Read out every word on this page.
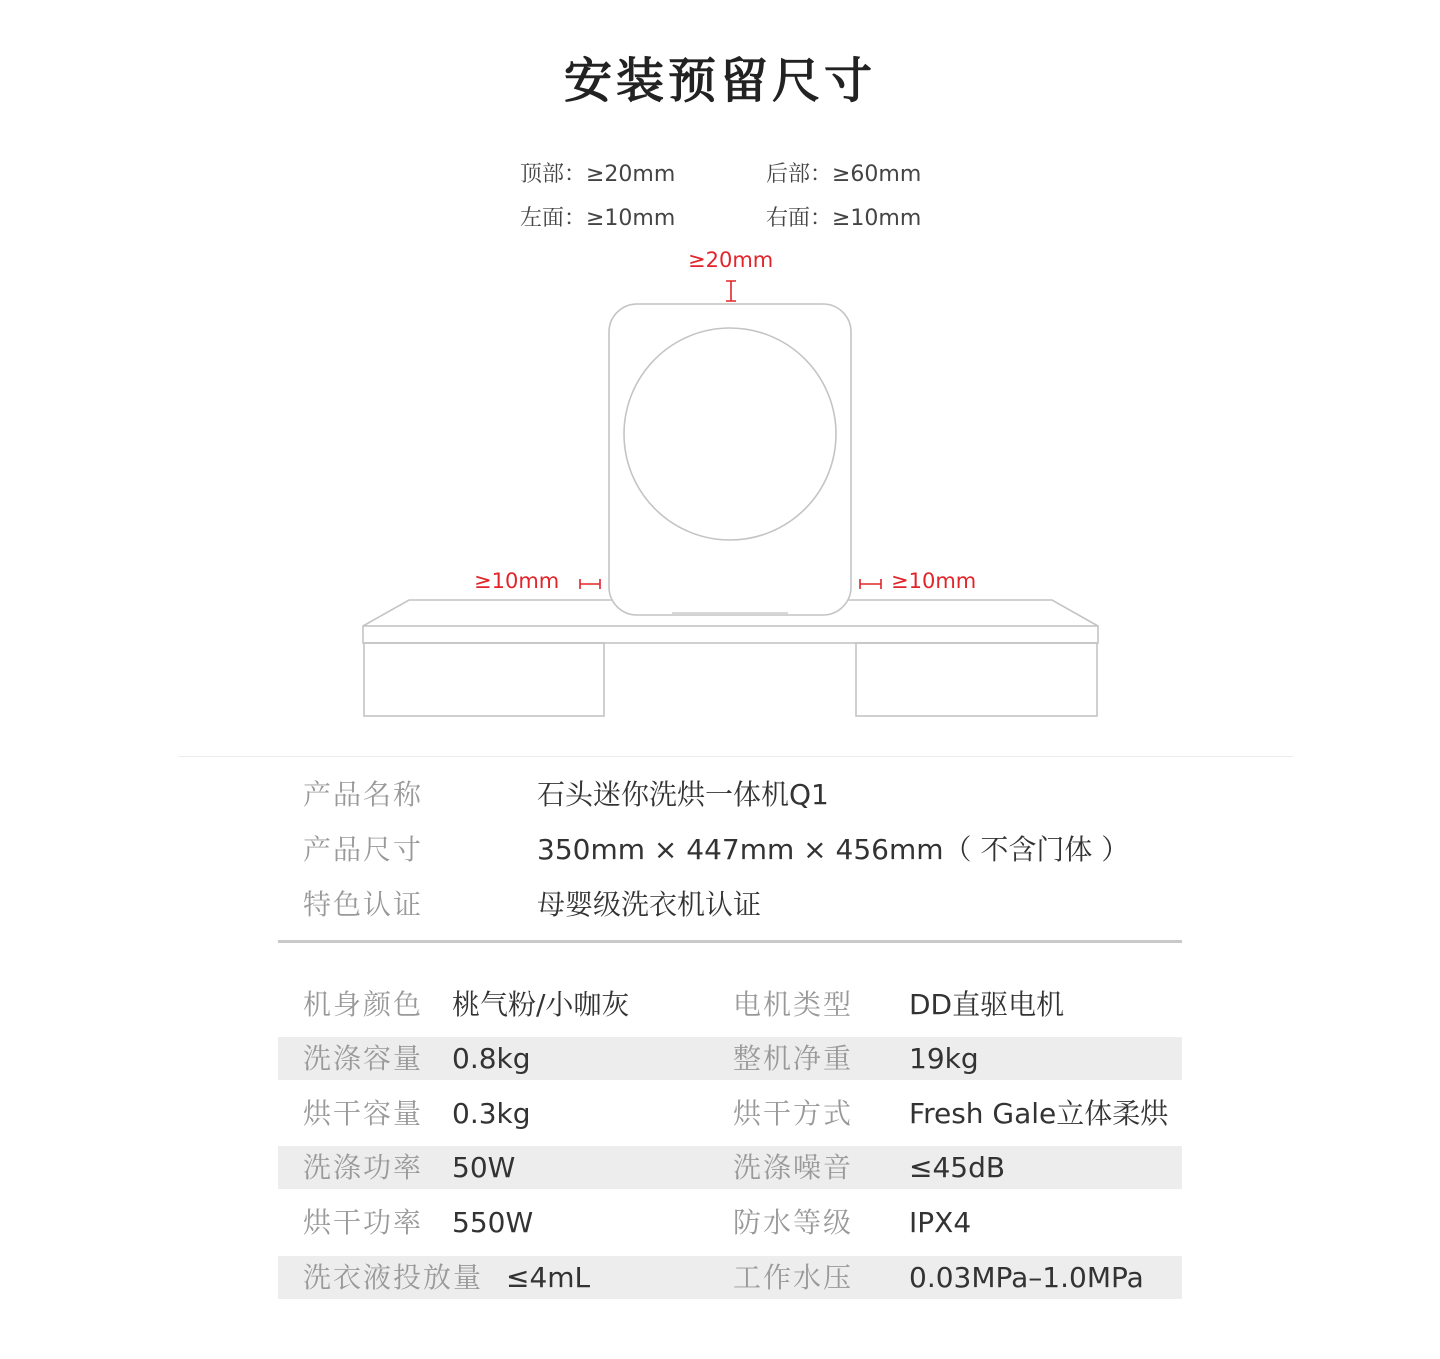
安装预留尺寸
顶部：≥20mm	后部：≥60mm
左面：≥10mm	右面：≥10mm
≥20mm
≥10mm	≥10mm
产品名称	石头迷你洗烘一体机Q1
产品尺寸	350mm × 447mm × 456mm（ 不含门体 ）
特色认证	母婴级洗衣机认证
机身颜色 桃气粉/小咖灰	电机类型 DD直驱电机
洗涤容量 0.8kg	整机净重 19kg
烘干容量 0.3kg	烘干方式 Fresh Gale立体柔烘
洗涤功率 50W	洗涤噪音 ≤45dB
烘干功率 550W	防水等级 IPX4
洗衣液投放量 ≤4mL	工作水压 0.03MPa–1.0MPa
